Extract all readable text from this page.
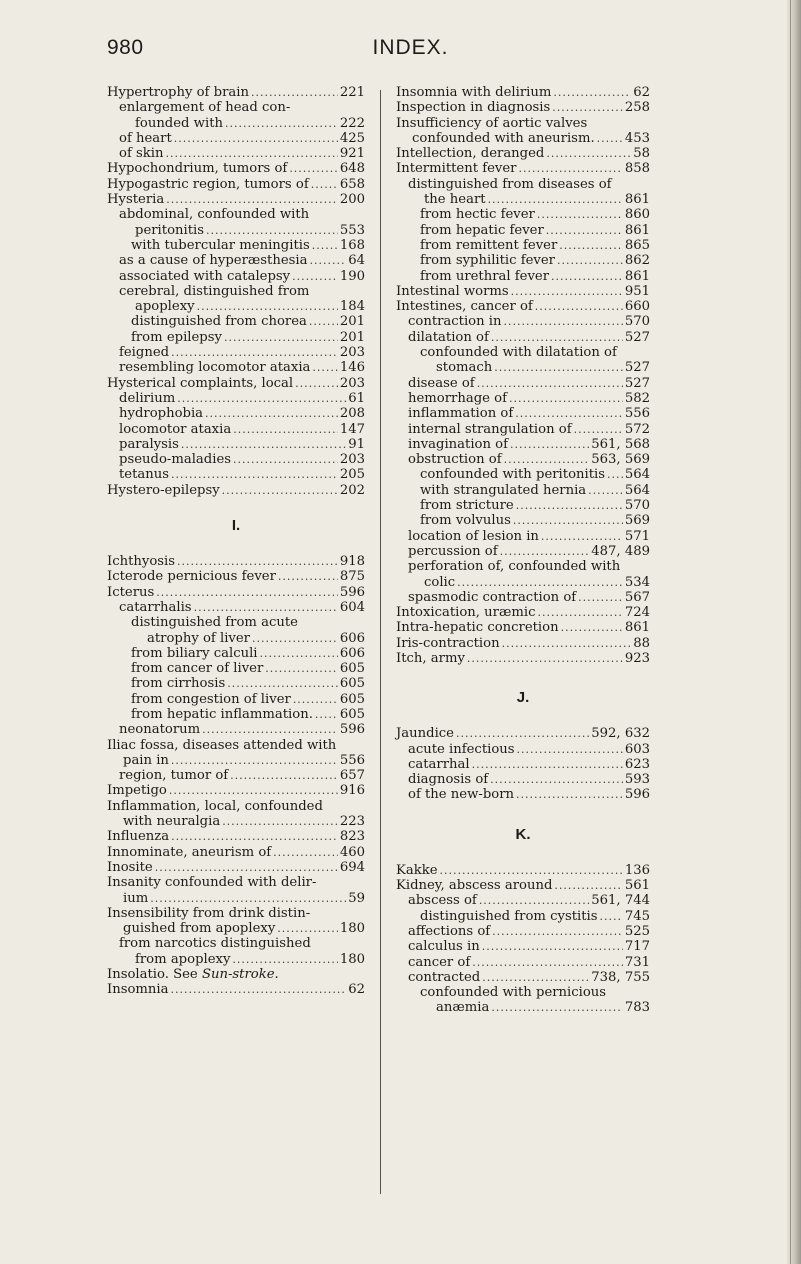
980	INDEX.
Hypertrophy of brain .....	221
enlargement of head con-
founded with .....	222
of heart .....	425
of skin .....	921
Hypochondrium, tumors of .....	648
Hypogastric region, tumors of ..... 658
Hysteria .....	200
abdominal, confounded with
peritonitis .....	553
with tubercular meningitis ..... 168
as a cause of hyperæsthesia .....	64
associated with catalepsy .....	190
cerebral, distinguished from
apoplexy .....	184
distinguished from chorea ..... 201
from epilepsy .....	201
feigned .....	203
resembling locomotor ataxia ..... 146
Hysterical complaints, local .....	203
delirium .....	61
hydrophobia .....	208
locomotor ataxia .....	147
paralysis .....	91
pseudo-maladies .....	203
tetanus .....	205
Hystero-epilepsy .....	202
I.
Ichthyosis .....	918
Icterode pernicious fever .....	875
Icterus .....	596
catarrhalis .....	604
distinguished from acute
atrophy of liver .....	606
from biliary calculi .....	606
from cancer of liver .....	605
from cirrhosis .....	605
from congestion of liver .....	605
from hepatic inflammation. ..... 605
neonatorum .....	596
Iliac fossa, diseases attended with
pain in .....	556
region, tumor of .....	657
Impetigo .....	916
Inflammation, local, confounded
with neuralgia .....	223
Influenza .....	823
Innominate, aneurism of .....	460
Inosite .....	694
Insanity confounded with delir-
ium .....	59
Insensibility from drink distin-
guished from apoplexy .....	180
from narcotics distinguished
from apoplexy .....	180
Insolatio. See Sun-stroke.
Insomnia .....	62
Insomnia with delirium .....	62
Inspection in diagnosis .....	258
Insufficiency of aortic valves
confounded with aneurism. ..... 453
Intellection, deranged .....	58
Intermittent fever .....	858
distinguished from diseases of
the heart .....	861
from hectic fever .....	860
from hepatic fever .....	861
from remittent fever .....	865
from syphilitic fever .....	862
from urethral fever .....	861
Intestinal worms .....	951
Intestines, cancer of .....	660
contraction in .....	570
dilatation of .....	527
confounded with dilatation of
stomach .....	527
disease of .....	527
hemorrhage of .....	582
inflammation of .....	556
internal strangulation of .....	572
invagination of .....	561, 568
obstruction of .....	563, 569
confounded with peritonitis ..... 564
with strangulated hernia .....	564
from stricture .....	570
from volvulus .....	569
location of lesion in .....	571
percussion of .....	487, 489
perforation of, confounded with
colic .....	534
spasmodic contraction of .....	567
Intoxication, uræmic .....	724
Intra-hepatic concretion .....	861
Iris-contraction .....	88
Itch, army .....	923
J.
Jaundice .....	592, 632
acute infectious .....	603
catarrhal .....	623
diagnosis of .....	593
of the new-born .....	596
K.
Kakke .....	136
Kidney, abscess around .....	561
abscess of .....	561, 744
distinguished from cystitis ..... 745
affections of .....	525
calculus in .....	717
cancer of .....	731
contracted .....	738, 755
confounded with pernicious
anæmia .....	783
